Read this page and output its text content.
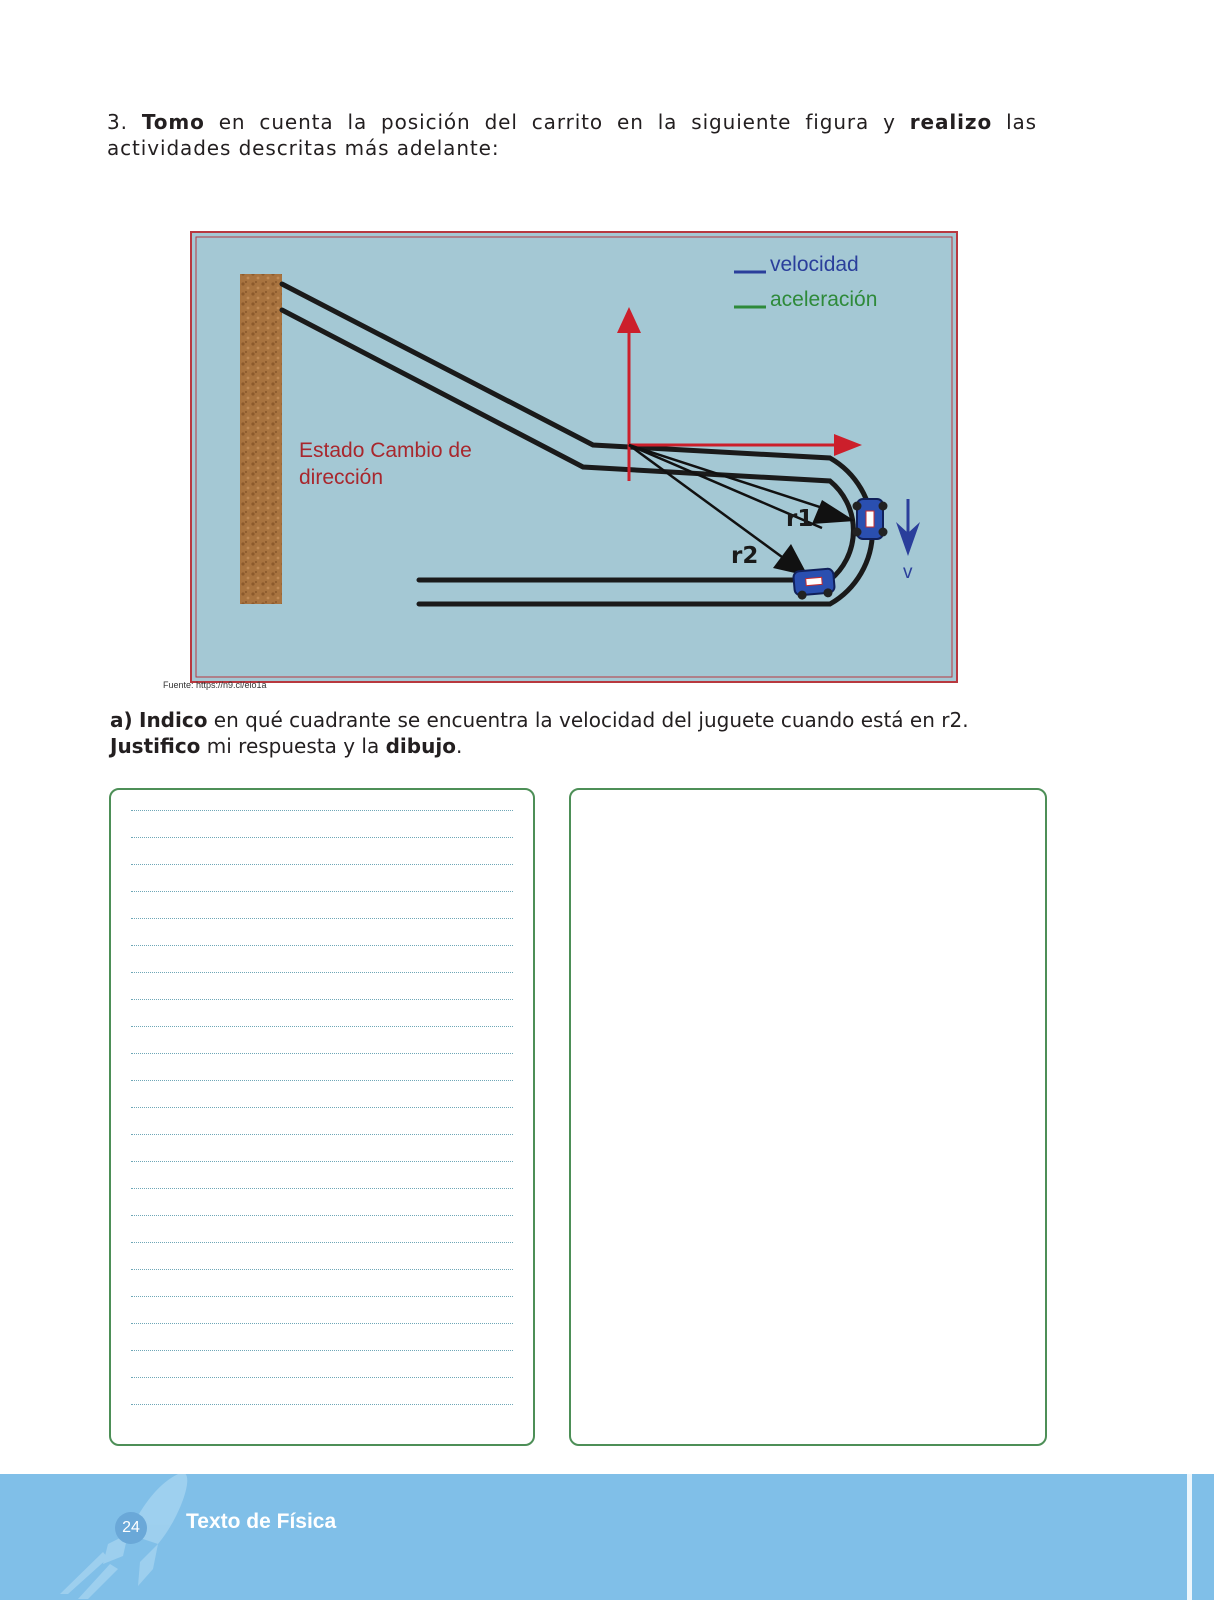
3. Tomo en cuenta la posición del carrito en la siguiente figura y realizo las actividades descritas más adelante:
velocidad
aceleración
Estado Cambio de
dirección
r1
r2
v
Fuente: https://n9.cl/eio1a
a) Indico en qué cuadrante se encuentra la velocidad del juguete cuando está en r2. Justifico mi respuesta y la dibujo.
24	Texto de Física
